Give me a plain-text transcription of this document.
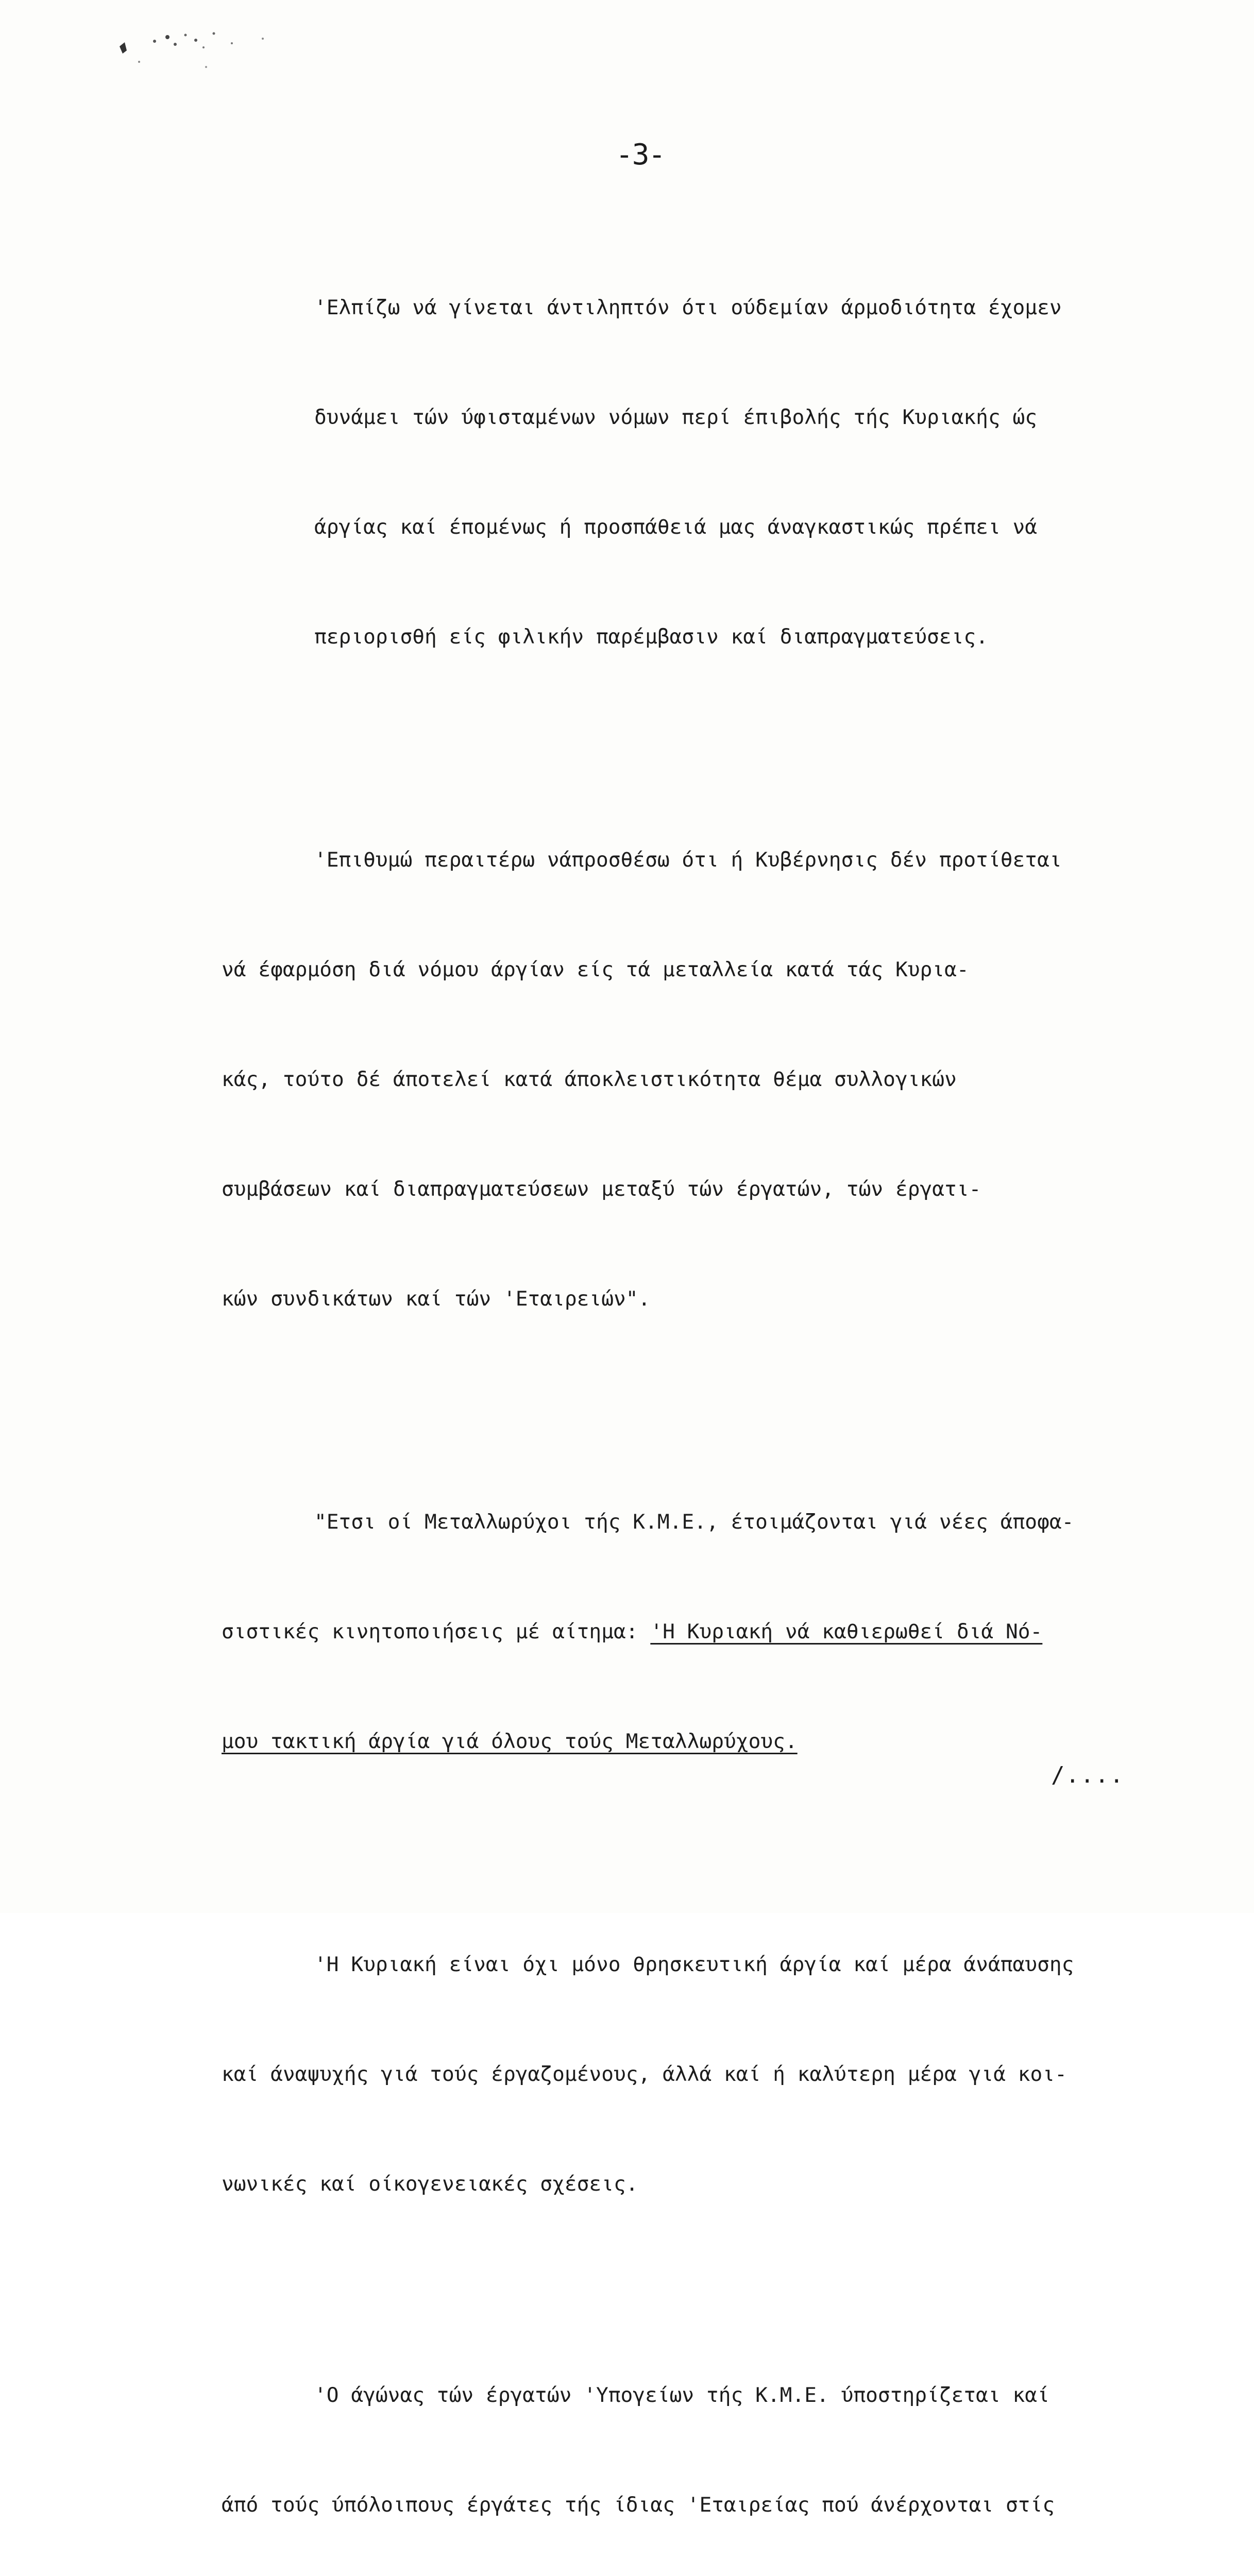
-3-

'Ελπίζω νά γίνεται άντιληπτόν ότι ούδεμίαν άρμοδιότητα έχομεν

δυνάμει τών ύφισταμένων νόμων περί έπιβολής τής Κυριακής ώς

άργίας καί έπομένως ή προσπάθειά μας άναγκαστικώς πρέπει νά

περιορισθή είς φιλικήν παρέμβασιν καί διαπραγματεύσεις.

'Επιθυμώ περαιτέρω νάπροσθέσω ότι ή Κυβέρνησις δέν προτίθεται

νά έφαρμόση διά νόμου άργίαν είς τά μεταλλεία κατά τάς Κυρια-

κάς, τούτο δέ άποτελεί κατά άποκλειστικότητα θέμα συλλογικών

συμβάσεων καί διαπραγματεύσεων μεταξύ τών έργατών, τών έργατι-

κών συνδικάτων καί τών 'Εταιρειών".

"Ετσι οί Μεταλλωρύχοι τής Κ.Μ.Ε., έτοιμάζονται γιά νέες άποφα-

σιστικές κινητοποιήσεις μέ αίτημα: 'Η Κυριακή νά καθιερωθεί διά Νό-

μου τακτική άργία γιά όλους τούς Μεταλλωρύχους.

'Η Κυριακή είναι όχι μόνο θρησκευτική άργία καί μέρα άνάπαυσης

καί άναψυχής γιά τούς έργαζομένους, άλλά καί ή καλύτερη μέρα γιά κοι-

νωνικές καί οίκογενειακές σχέσεις.

'Ο άγώνας τών έργατών 'Υπογείων τής Κ.Μ.Ε. ύποστηρίζεται καί

άπό τούς ύπόλοιπους έργάτες τής ίδιας 'Εταιρείας πού άνέρχονται στίς

/....
